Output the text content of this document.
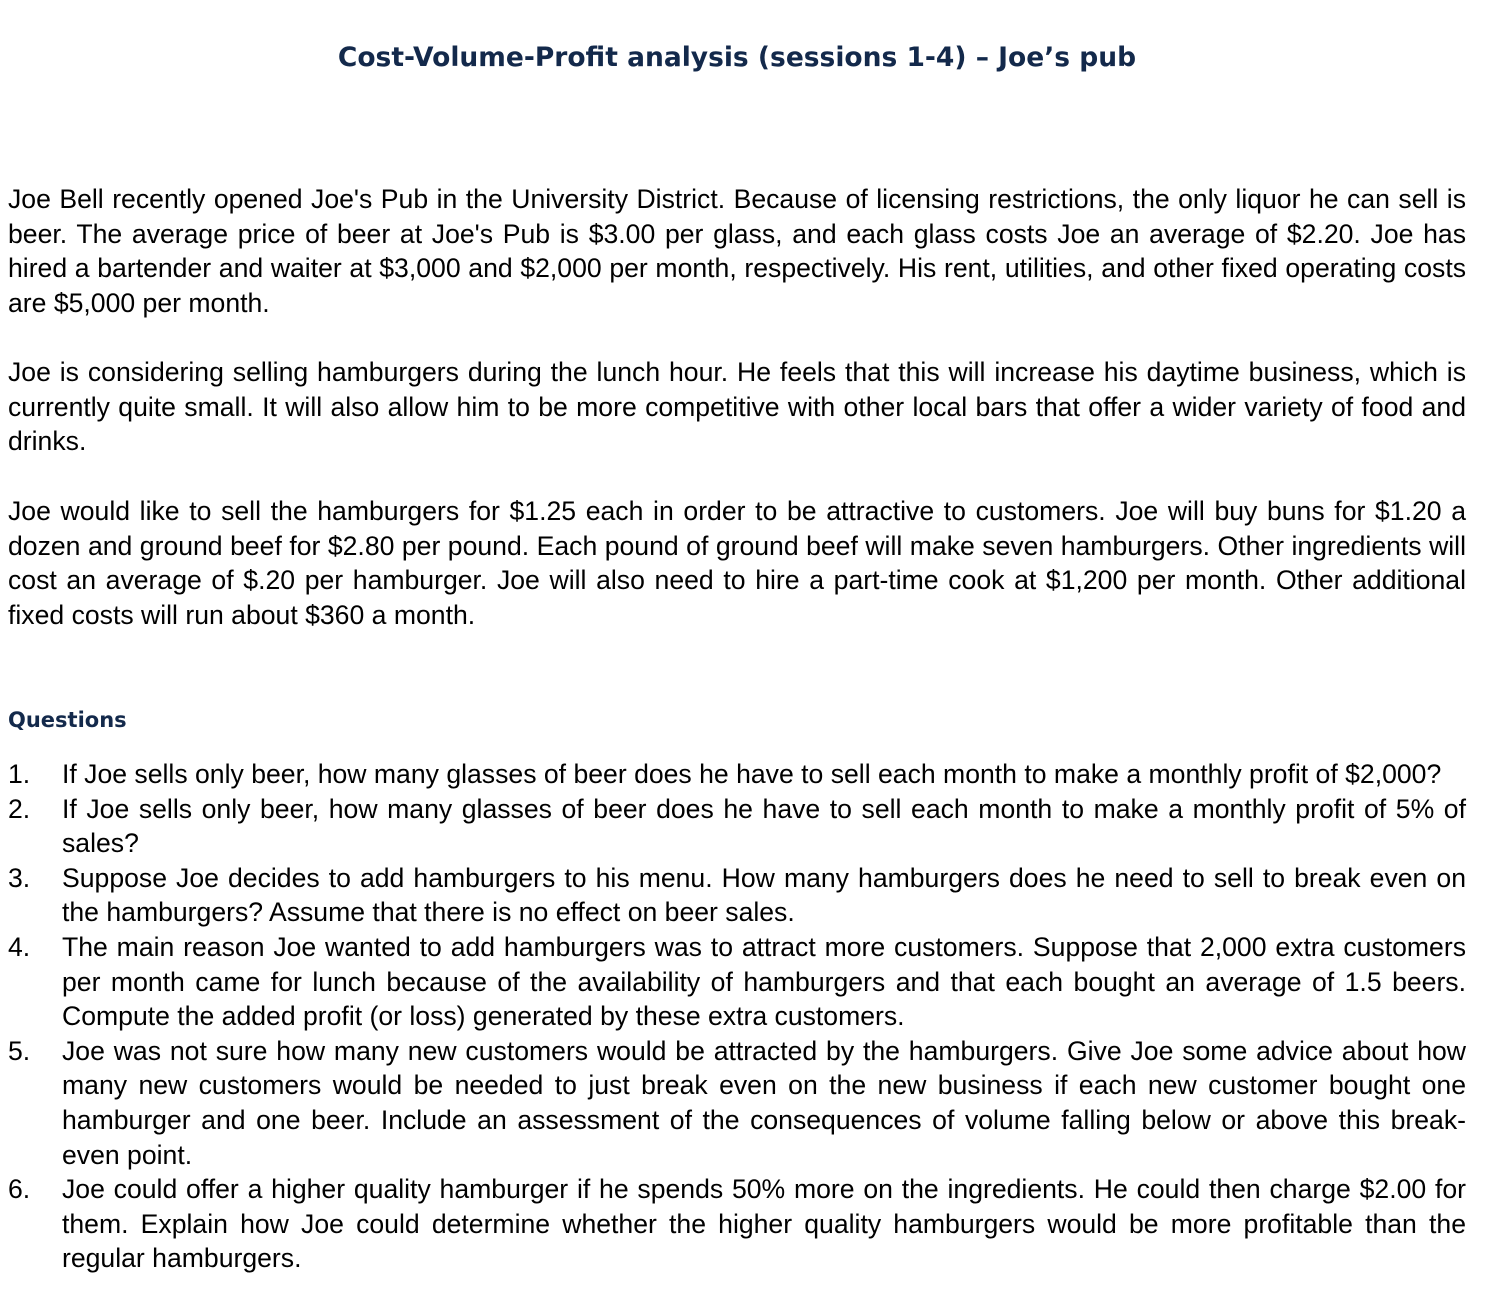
Cost-Volume-Profit analysis (sessions 1-4) – Joe’s pub

Joe Bell recently opened Joe's Pub in the University District. Because of licensing restrictions, the only liquor he can sell is beer. The average price of beer at Joe's Pub is $3.00 per glass, and each glass costs Joe an average of $2.20. Joe has hired a bartender and waiter at $3,000 and $2,000 per month, respectively. His rent, utilities, and other fixed operating costs are $5,000 per month.

Joe is considering selling hamburgers during the lunch hour. He feels that this will increase his daytime business, which is currently quite small. It will also allow him to be more competitive with other local bars that offer a wider variety of food and drinks.

Joe would like to sell the hamburgers for $1.25 each in order to be attractive to customers. Joe will buy buns for $1.20 a dozen and ground beef for $2.80 per pound. Each pound of ground beef will make seven hamburgers. Other ingredients will cost an average of $.20 per hamburger. Joe will also need to hire a part-time cook at $1,200 per month. Other additional fixed costs will run about $360 a month.

Questions
1. If Joe sells only beer, how many glasses of beer does he have to sell each month to make a monthly profit of $2,000?
2. If Joe sells only beer, how many glasses of beer does he have to sell each month to make a monthly profit of 5% of sales?
3. Suppose Joe decides to add hamburgers to his menu. How many hamburgers does he need to sell to break even on the hamburgers? Assume that there is no effect on beer sales.
4. The main reason Joe wanted to add hamburgers was to attract more customers. Suppose that 2,000 extra customers per month came for lunch because of the availability of hamburgers and that each bought an average of 1.5 beers. Compute the added profit (or loss) generated by these extra customers.
5. Joe was not sure how many new customers would be attracted by the hamburgers. Give Joe some advice about how many new customers would be needed to just break even on the new business if each new customer bought one hamburger and one beer. Include an assessment of the consequences of volume falling below or above this break-even point.
6. Joe could offer a higher quality hamburger if he spends 50% more on the ingredients. He could then charge $2.00 for them. Explain how Joe could determine whether the higher quality hamburgers would be more profitable than the regular hamburgers.
